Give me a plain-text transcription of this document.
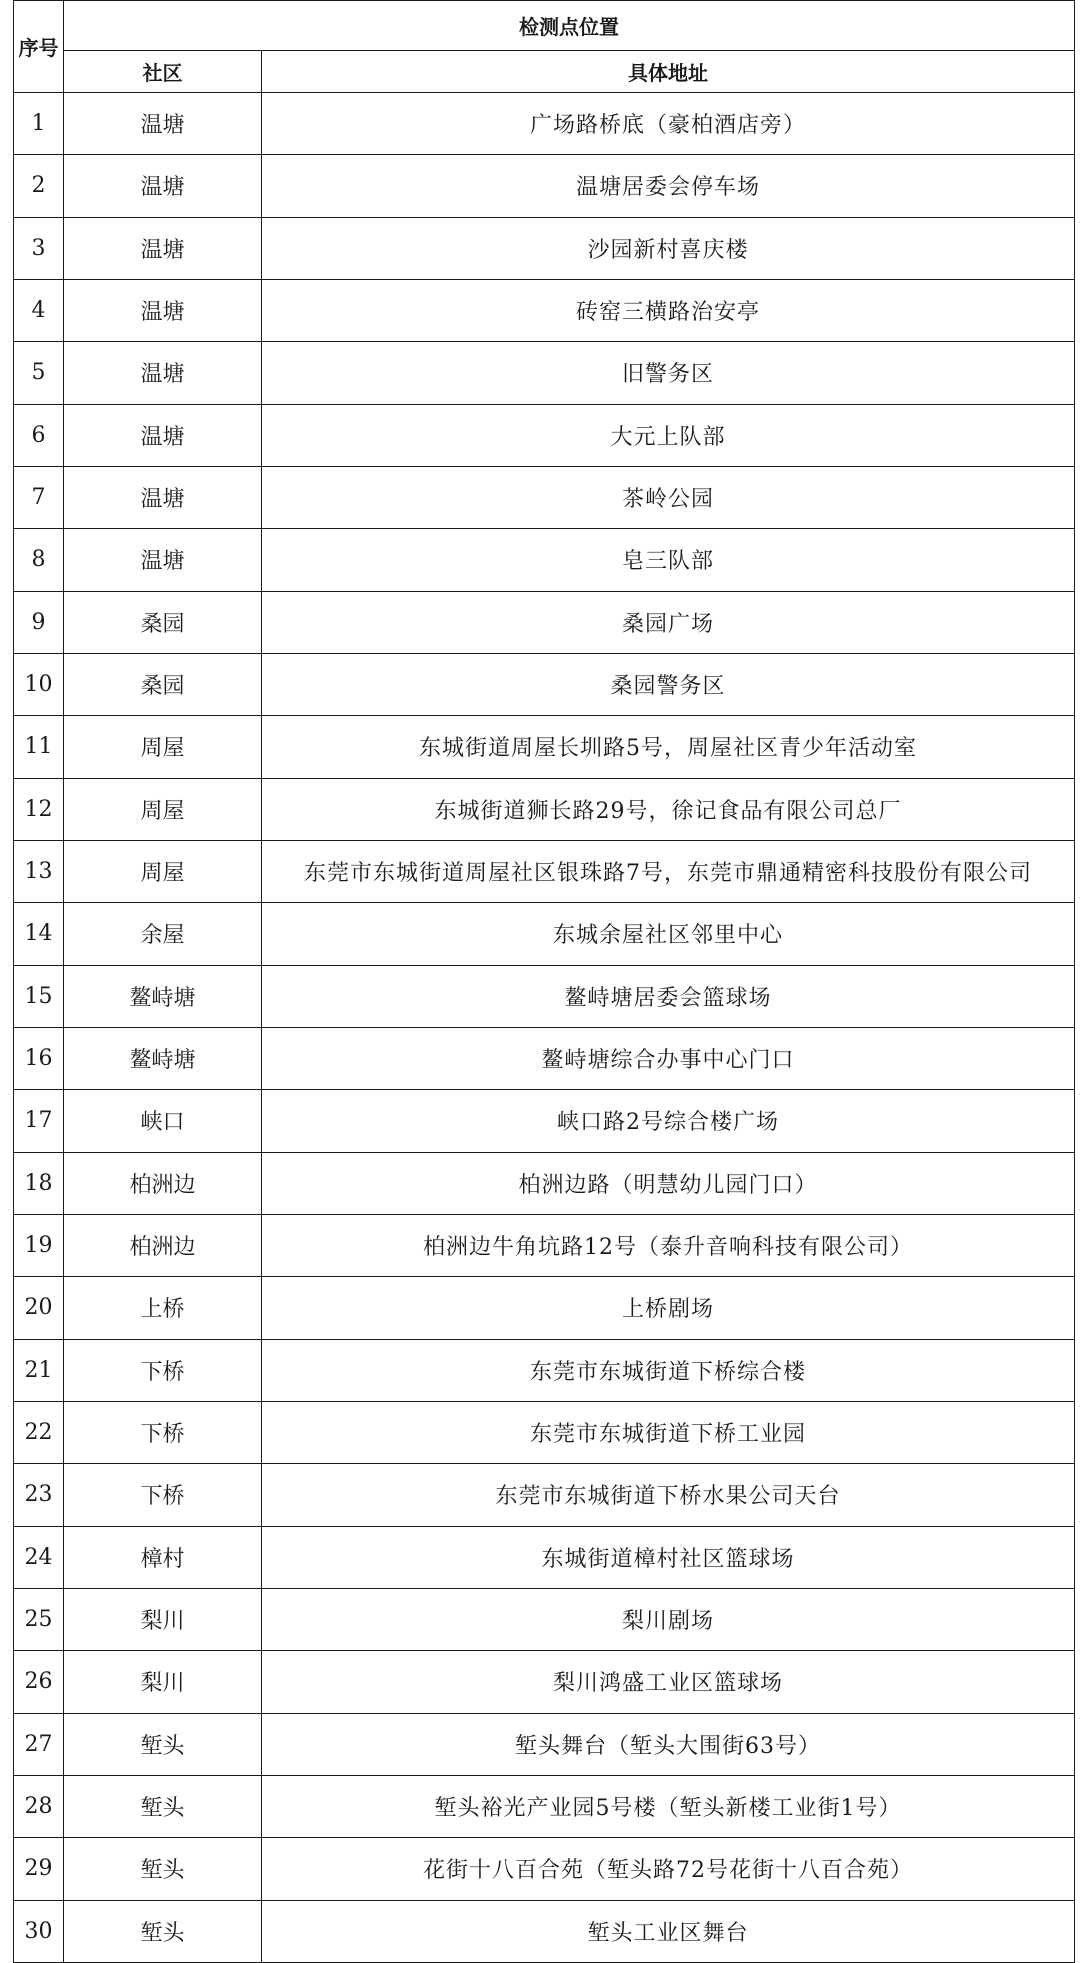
序号	检测点位置	
	社区	具体地址
1	温塘	广场路桥底（豪柏酒店旁）
2	温塘	温塘居委会停车场
3	温塘	沙园新村喜庆楼
4	温塘	砖窑三横路治安亭
5	温塘	旧警务区
6	温塘	大元上队部
7	温塘	茶岭公园
8	温塘	皂三队部
9	桑园	桑园广场
10	桑园	桑园警务区
11	周屋	东城街道周屋长圳路5号，周屋社区青少年活动室
12	周屋	东城街道狮长路29号，徐记食品有限公司总厂
13	周屋	东莞市东城街道周屋社区银珠路7号，东莞市鼎通精密科技股份有限公司
14	余屋	东城余屋社区邻里中心
15	鳌峙塘	鳌峙塘居委会篮球场
16	鳌峙塘	鳌峙塘综合办事中心门口
17	峡口	峡口路2号综合楼广场
18	柏洲边	柏洲边路（明慧幼儿园门口）
19	柏洲边	柏洲边牛角坑路12号（泰升音响科技有限公司）
20	上桥	上桥剧场
21	下桥	东莞市东城街道下桥综合楼
22	下桥	东莞市东城街道下桥工业园
23	下桥	东莞市东城街道下桥水果公司天台
24	樟村	东城街道樟村社区篮球场
25	梨川	梨川剧场
26	梨川	梨川鸿盛工业区篮球场
27	堑头	堑头舞台（堑头大围街63号）
28	堑头	堑头裕光产业园5号楼（堑头新楼工业街1号）
29	堑头	花街十八百合苑（堑头路72号花街十八百合苑）
30	堑头	堑头工业区舞台
